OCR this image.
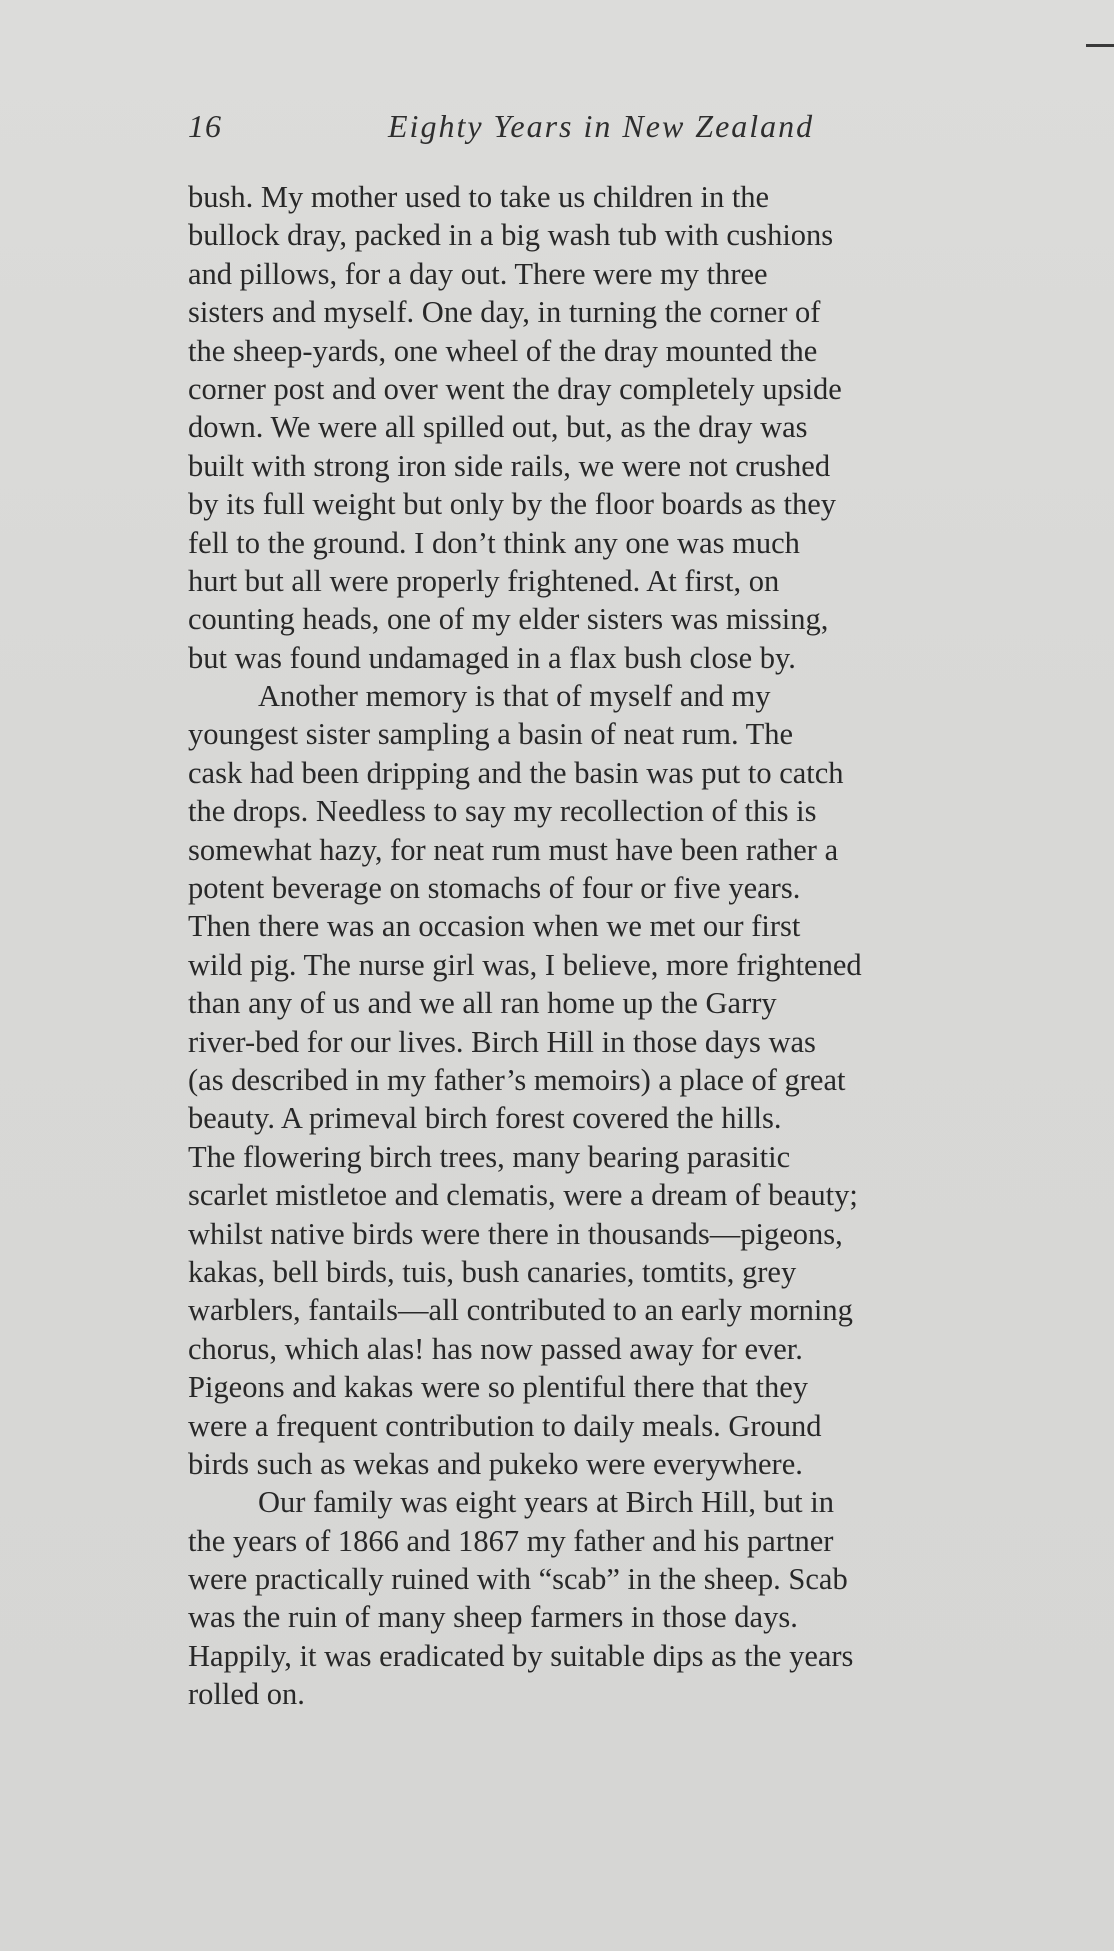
16	Eighty Years in New Zealand
bush. My mother used to take us children in the
bullock dray, packed in a big wash tub with cushions
and pillows, for a day out. There were my three
sisters and myself. One day, in turning the corner of
the sheep-yards, one wheel of the dray mounted the
corner post and over went the dray completely upside
down. We were all spilled out, but, as the dray was
built with strong iron side rails, we were not crushed
by its full weight but only by the floor boards as they
fell to the ground. I don’t think any one was much
hurt but all were properly frightened. At first, on
counting heads, one of my elder sisters was missing,
but was found undamaged in a flax bush close by.
Another memory is that of myself and my
youngest sister sampling a basin of neat rum. The
cask had been dripping and the basin was put to catch
the drops. Needless to say my recollection of this is
somewhat hazy, for neat rum must have been rather a
potent beverage on stomachs of four or five years.
Then there was an occasion when we met our first
wild pig. The nurse girl was, I believe, more frightened
than any of us and we all ran home up the Garry
river-bed for our lives. Birch Hill in those days was
(as described in my father’s memoirs) a place of great
beauty. A primeval birch forest covered the hills.
The flowering birch trees, many bearing parasitic
scarlet mistletoe and clematis, were a dream of beauty;
whilst native birds were there in thousands—pigeons,
kakas, bell birds, tuis, bush canaries, tomtits, grey
warblers, fantails—all contributed to an early morning
chorus, which alas! has now passed away for ever.
Pigeons and kakas were so plentiful there that they
were a frequent contribution to daily meals. Ground
birds such as wekas and pukeko were everywhere.
Our family was eight years at Birch Hill, but in
the years of 1866 and 1867 my father and his partner
were practically ruined with “scab” in the sheep. Scab
was the ruin of many sheep farmers in those days.
Happily, it was eradicated by suitable dips as the years
rolled on.
